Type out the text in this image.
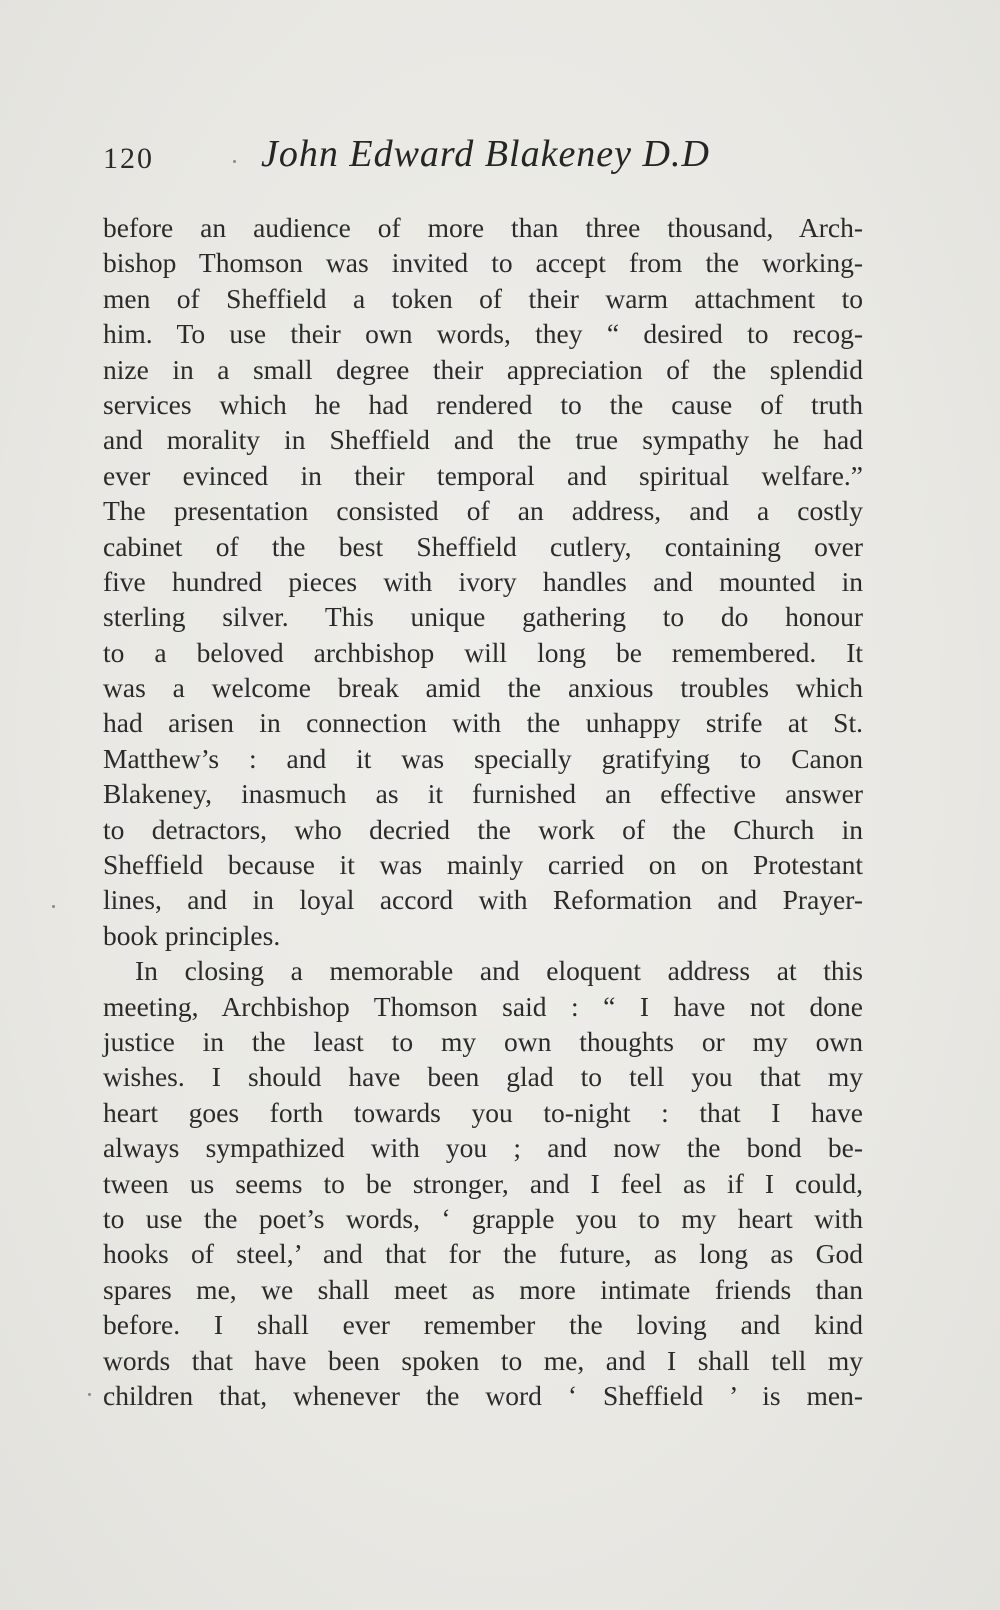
120	John Edward Blakeney D.D
before an audience of more than three thousand, Arch-
bishop Thomson was invited to accept from the working-
men of Sheffield a token of their warm attachment to
him. To use their own words, they “ desired to recog-
nize in a small degree their appreciation of the splendid
services which he had rendered to the cause of truth
and morality in Sheffield and the true sympathy he had
ever evinced in their temporal and spiritual welfare.”
The presentation consisted of an address, and a costly
cabinet of the best Sheffield cutlery, containing over
five hundred pieces with ivory handles and mounted in
sterling silver. This unique gathering to do honour
to a beloved archbishop will long be remembered. It
was a welcome break amid the anxious troubles which
had arisen in connection with the unhappy strife at St.
Matthew’s : and it was specially gratifying to Canon
Blakeney, inasmuch as it furnished an effective answer
to detractors, who decried the work of the Church in
Sheffield because it was mainly carried on on Protestant
lines, and in loyal accord with Reformation and Prayer-
book principles.
In closing a memorable and eloquent address at this
meeting, Archbishop Thomson said : “ I have not done
justice in the least to my own thoughts or my own
wishes. I should have been glad to tell you that my
heart goes forth towards you to-night : that I have
always sympathized with you ; and now the bond be-
tween us seems to be stronger, and I feel as if I could,
to use the poet’s words, ‘ grapple you to my heart with
hooks of steel,’ and that for the future, as long as God
spares me, we shall meet as more intimate friends than
before. I shall ever remember the loving and kind
words that have been spoken to me, and I shall tell my
children that, whenever the word ‘ Sheffield ’ is men-
